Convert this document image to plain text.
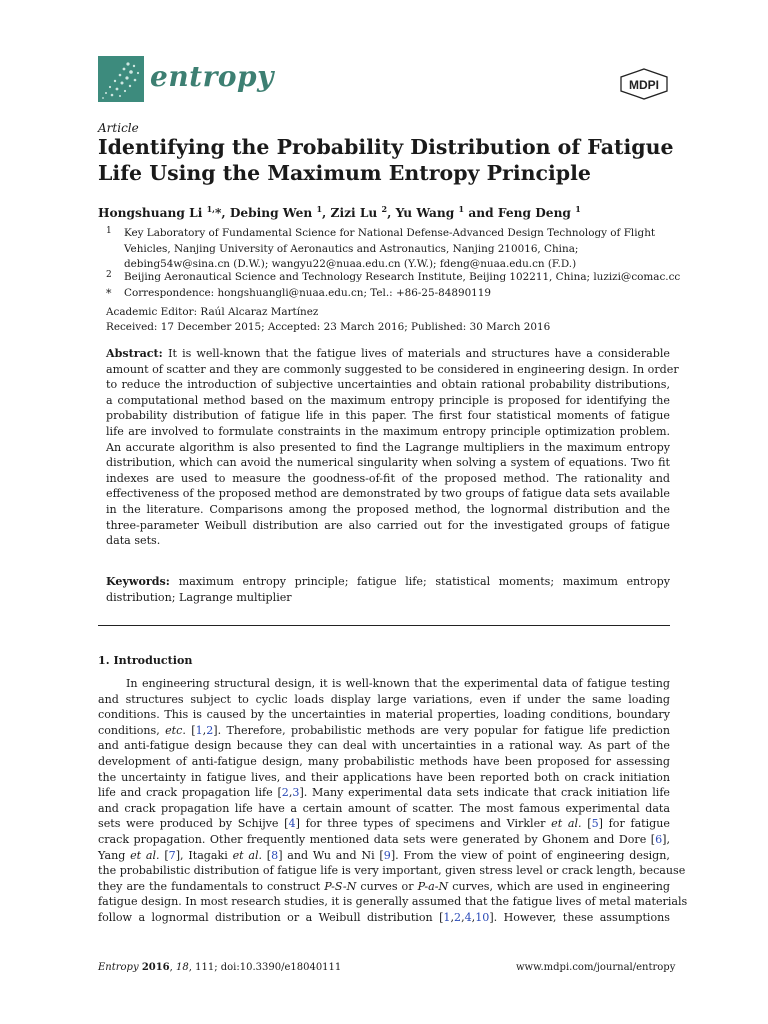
entropy	MDPI
Article
Identifying the Probability Distribution of Fatigue
Life Using the Maximum Entropy Principle
Hongshuang Li $^{1,}$*, Debing Wen $^1$, Zizi Lu $^2$, Yu Wang $^1$ and Feng Deng $^1$
1 Key Laboratory of Fundamental Science for National Defense-Advanced Design Technology of Flight
Vehicles, Nanjing University of Aeronautics and Astronautics, Nanjing 210016, China;
debing54w@sina.cn (D.W.); wangyu22@nuaa.edu.cn (Y.W.); fdeng@nuaa.edu.cn (F.D.)
2 Beijing Aeronautical Science and Technology Research Institute, Beijing 102211, China; luzizi@comac.cc
* Correspondence: hongshuangli@nuaa.edu.cn; Tel.: +86-25-84890119
Academic Editor: Raúl Alcaraz Martínez
Received: 17 December 2015; Accepted: 23 March 2016; Published: 30 March 2016
Abstract: It is well-known that the fatigue lives of materials and structures have a considerable
amount of scatter and they are commonly suggested to be considered in engineering design. In order
to reduce the introduction of subjective uncertainties and obtain rational probability distributions,
a computational method based on the maximum entropy principle is proposed for identifying the
probability distribution of fatigue life in this paper. The first four statistical moments of fatigue
life are involved to formulate constraints in the maximum entropy principle optimization problem.
An accurate algorithm is also presented to find the Lagrange multipliers in the maximum entropy
distribution, which can avoid the numerical singularity when solving a system of equations. Two fit
indexes are used to measure the goodness-of-fit of the proposed method. The rationality and
effectiveness of the proposed method are demonstrated by two groups of fatigue data sets available
in the literature. Comparisons among the proposed method, the lognormal distribution and the
three-parameter Weibull distribution are also carried out for the investigated groups of fatigue
data sets.
Keywords: maximum entropy principle; fatigue life; statistical moments; maximum entropy
distribution; Lagrange multiplier
1. Introduction
In engineering structural design, it is well-known that the experimental data of fatigue testing
and structures subject to cyclic loads display large variations, even if under the same loading
conditions. This is caused by the uncertainties in material properties, loading conditions, boundary
conditions, etc. [1,2]. Therefore, probabilistic methods are very popular for fatigue life prediction
and anti-fatigue design because they can deal with uncertainties in a rational way. As part of the
development of anti-fatigue design, many probabilistic methods have been proposed for assessing
the uncertainty in fatigue lives, and their applications have been reported both on crack initiation
life and crack propagation life [2,3]. Many experimental data sets indicate that crack initiation life
and crack propagation life have a certain amount of scatter. The most famous experimental data
sets were produced by Schijve [4] for three types of specimens and Virkler et al. [5] for fatigue
crack propagation. Other frequently mentioned data sets were generated by Ghonem and Dore [6],
Yang et al. [7], Itagaki et al. [8] and Wu and Ni [9]. From the view of point of engineering design,
the probabilistic distribution of fatigue life is very important, given stress level or crack length, because
they are the fundamentals to construct P-S-N curves or P-a-N curves, which are used in engineering
fatigue design. In most research studies, it is generally assumed that the fatigue lives of metal materials
follow a lognormal distribution or a Weibull distribution [1,2,4,10]. However, these assumptions
Entropy 2016, 18, 111; doi:10.3390/e18040111	www.mdpi.com/journal/entropy
